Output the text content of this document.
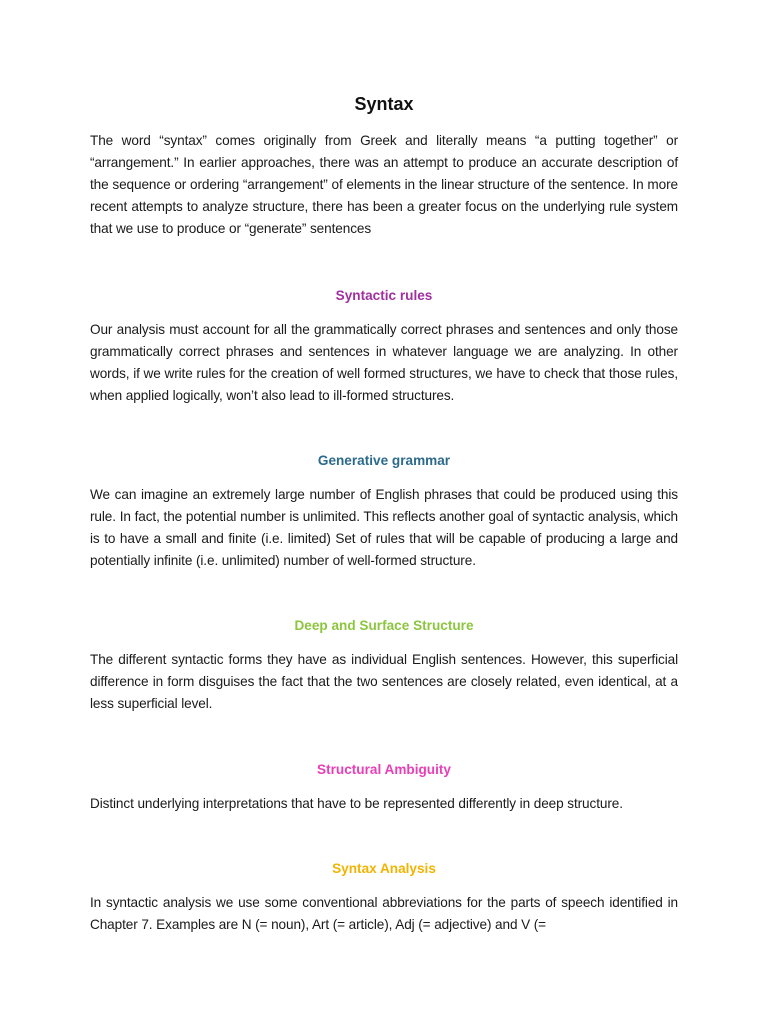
Syntax

The word “syntax” comes originally from Greek and literally means “a putting together” or “arrangement.” In earlier approaches, there was an attempt to produce an accurate description of the sequence or ordering “arrangement” of elements in the linear structure of the sentence. In more recent attempts to analyze structure, there has been a greater focus on the underlying rule system that we use to produce or “generate” sentences

Syntactic rules

Our analysis must account for all the grammatically correct phrases and sentences and only those grammatically correct phrases and sentences in whatever language we are analyzing. In other words, if we write rules for the creation of well formed structures, we have to check that those rules, when applied logically, won’t also lead to ill-formed structures.

Generative grammar

We can imagine an extremely large number of English phrases that could be produced using this rule. In fact, the potential number is unlimited. This reflects another goal of syntactic analysis, which is to have a small and finite (i.e. limited) Set of rules that will be capable of producing a large and potentially infinite (i.e. unlimited) number of well-formed structure.

Deep and Surface Structure

The different syntactic forms they have as individual English sentences. However, this superficial difference in form disguises the fact that the two sentences are closely related, even identical, at a less superficial level.

Structural Ambiguity

Distinct underlying interpretations that have to be represented differently in deep structure.

Syntax Analysis

In syntactic analysis we use some conventional abbreviations for the parts of speech identified in Chapter 7. Examples are N (= noun), Art (= article), Adj (= adjective) and V (=
